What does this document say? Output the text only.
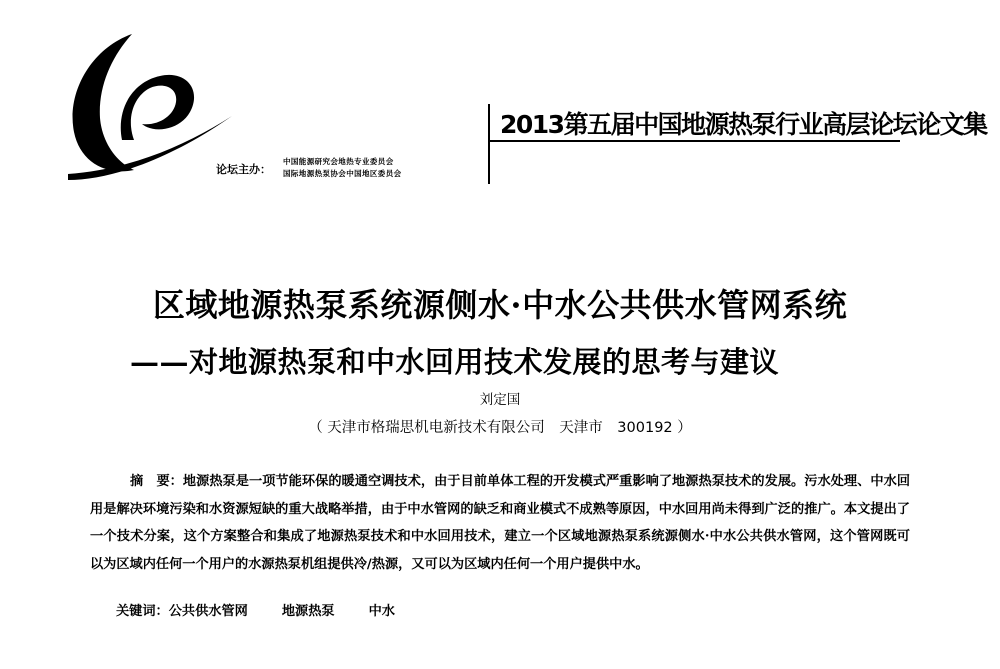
2013第五届中国地源热泵行业高层论坛论文集
论坛主办：
中国能源研究会地热专业委员会
国际地源热泵协会中国地区委员会
区域地源热泵系统源侧水·中水公共供水管网系统
——对地源热泵和中水回用技术发展的思考与建议
刘定国
（ 天津市格瑞思机电新技术有限公司　天津市　300192 ）
摘　要：地源热泵是一项节能环保的暖通空调技术，由于目前单体工程的开发模式严重影响了地源热泵技术的发展。污水处理、中水回用是解决环境污染和水资源短缺的重大战略举措，由于中水管网的缺乏和商业模式不成熟等原因，中水回用尚未得到广泛的推广。本文提出了一个技术分案，这个方案整合和集成了地源热泵技术和中水回用技术，建立一个区域地源热泵系统源侧水·中水公共供水管网，这个管网既可以为区域内任何一个用户的水源热泵机组提供冷/热源，又可以为区域内任何一个用户提供中水。
关键词：公共供水管网	地源热泵	中水
